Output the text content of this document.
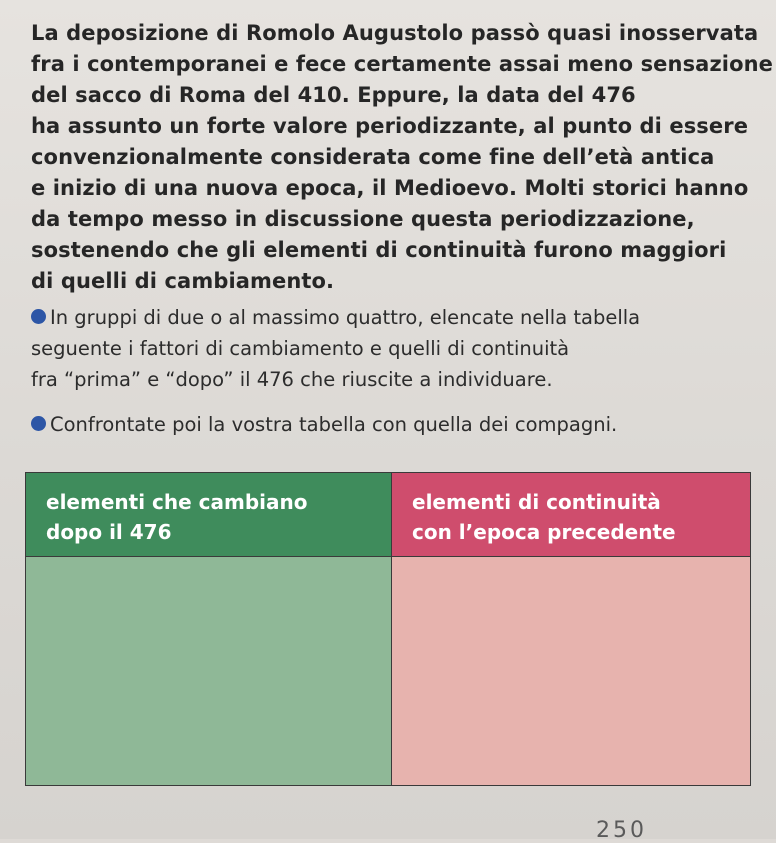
La deposizione di Romolo Augustolo passò quasi inosservata
fra i contemporanei e fece certamente assai meno sensazione
del sacco di Roma del 410. Eppure, la data del 476
ha assunto un forte valore periodizzante, al punto di essere
convenzionalmente considerata come fine dell’età antica
e inizio di una nuova epoca, il Medioevo. Molti storici hanno
da tempo messo in discussione questa periodizzazione,
sostenendo che gli elementi di continuità furono maggiori
di quelli di cambiamento.
In gruppi di due o al massimo quattro, elencate nella tabella
seguente i fattori di cambiamento e quelli di continuità
fra “prima” e “dopo” il 476 che riuscite a individuare.
Confrontate poi la vostra tabella con quella dei compagni.
elementi che cambiano
dopo il 476
elementi di continuità
con l’epoca precedente
250
